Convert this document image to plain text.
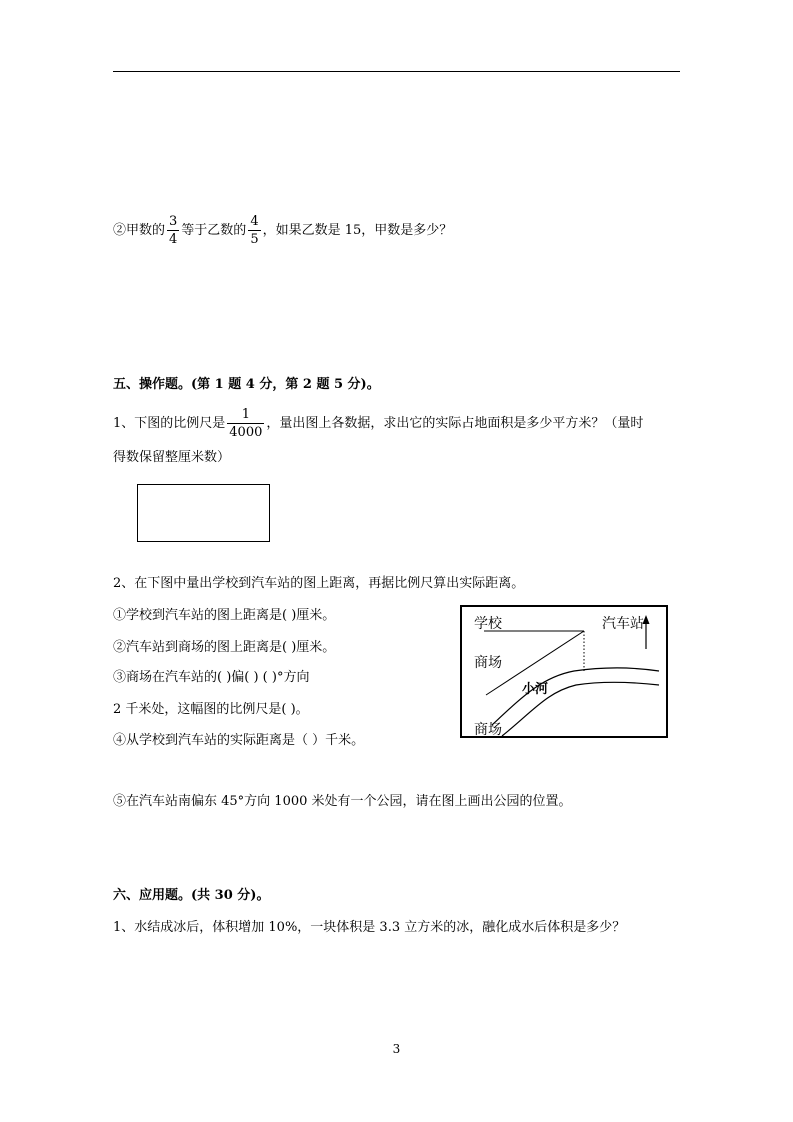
②甲数的 $\frac{3}{4}$ 等于乙数的 $\frac{4}{5}$ ，如果乙数是 15，甲数是多少？
五、操作题。(第 1 题 4 分，第 2 题 5 分)。
1、下图的比例尺是 $\frac{1}{4000}$ ，量出图上各数据，求出它的实际占地面积是多少平方米？（量时
得数保留整厘米数）
2、在下图中量出学校到汽车站的图上距离，再据比例尺算出实际距离。
①学校到汽车站的图上距离是( )厘米。
②汽车站到商场的图上距离是( )厘米。
③商场在汽车站的( )偏( ) ( )°方向
2 千米处，这幅图的比例尺是( )。
④从学校到汽车站的实际距离是（ ）千米。
⑤在汽车站南偏东 45°方向 1000 米处有一个公园，请在图上画出公园的位置。
学校	汽车站
商场
小河
商场
六、应用题。(共 30 分)。
1、水结成冰后，体积增加 10%，一块体积是 3.3 立方米的冰，融化成水后体积是多少？
3
